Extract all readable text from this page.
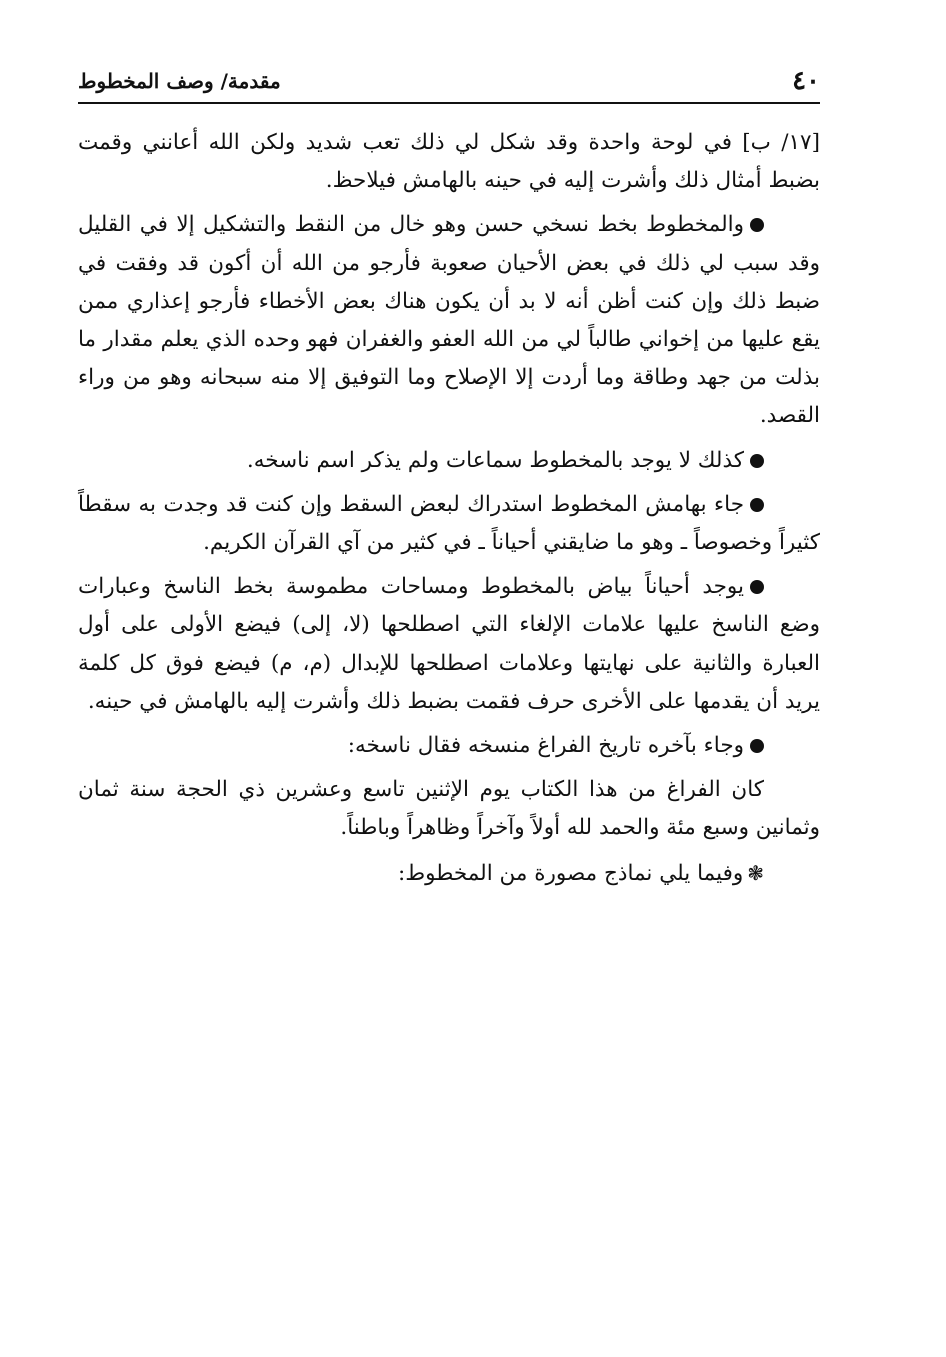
٤٠
مقدمة/ وصف المخطوط

[١٧/ ب] في لوحة واحدة وقد شكل لي ذلك تعب شديد ولكن الله أعانني وقمت بضبط أمثال ذلك وأشرت إليه في حينه بالهامش فيلاحظ.

والمخطوط بخط نسخي حسن وهو خال من النقط والتشكيل إلا في القليل وقد سبب لي ذلك في بعض الأحيان صعوبة فأرجو من الله أن أكون قد وفقت في ضبط ذلك وإن كنت أظن أنه لا بد أن يكون هناك بعض الأخطاء فأرجو إعذاري ممن يقع عليها من إخواني طالباً لي من الله العفو والغفران فهو وحده الذي يعلم مقدار ما بذلت من جهد وطاقة وما أردت إلا الإصلاح وما التوفيق إلا منه سبحانه وهو من وراء القصد.

كذلك لا يوجد بالمخطوط سماعات ولم يذكر اسم ناسخه.

جاء بهامش المخطوط استدراك لبعض السقط وإن كنت قد وجدت به سقطاً كثيراً وخصوصاً ـ وهو ما ضايقني أحياناً ـ في كثير من آي القرآن الكريم.

يوجد أحياناً بياض بالمخطوط ومساحات مطموسة بخط الناسخ وعبارات وضع الناسخ عليها علامات الإلغاء التي اصطلحها (لا، إلى) فيضع الأولى على أول العبارة والثانية على نهايتها وعلامات اصطلحها للإبدال (م، م) فيضع فوق كل كلمة يريد أن يقدمها على الأخرى حرف فقمت بضبط ذلك وأشرت إليه بالهامش في حينه.

وجاء بآخره تاريخ الفراغ منسخه فقال ناسخه:

كان الفراغ من هذا الكتاب يوم الإثنين تاسع وعشرين ذي الحجة سنة ثمان وثمانين وسبع مئة والحمد لله أولاً وآخراً وظاهراً وباطناً.

❃وفيما يلي نماذج مصورة من المخطوط:
